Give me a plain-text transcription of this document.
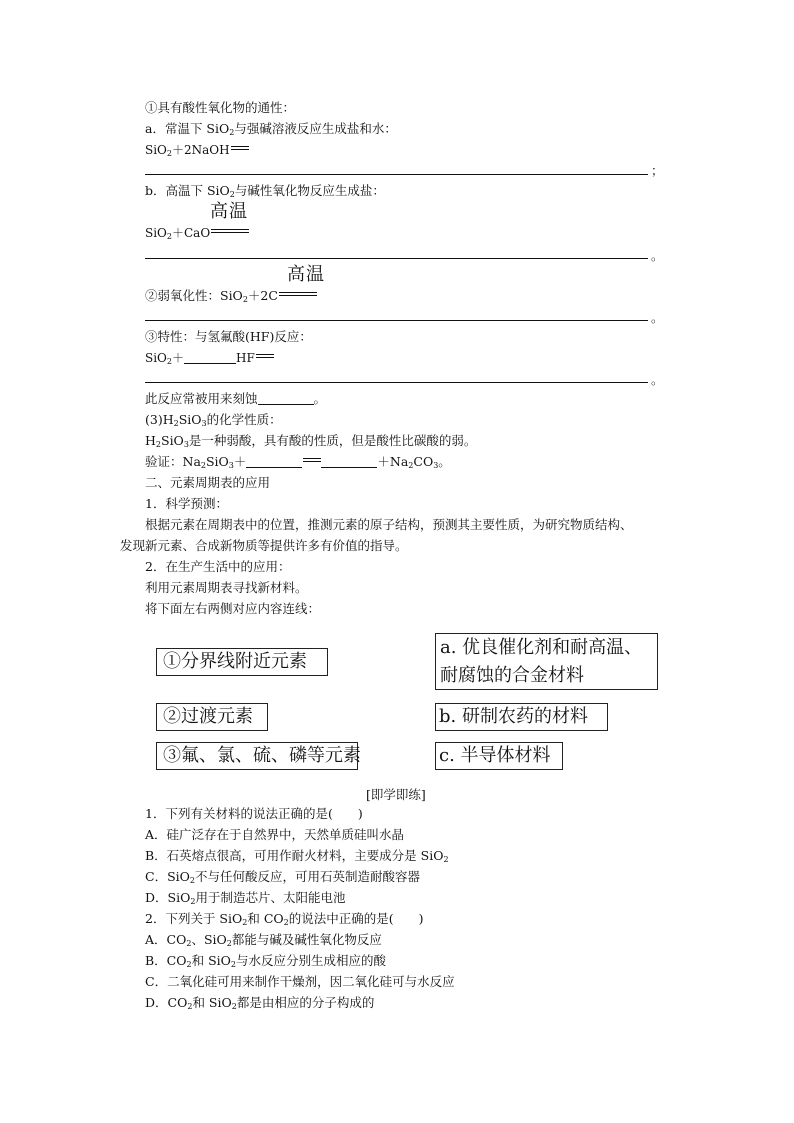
①具有酸性氧化物的通性：
a．常温下 SiO$_2$与强碱溶液反应生成盐和水：
SiO$_2$＋2NaOH
；
b．高温下 SiO$_2$与碱性氧化物反应生成盐：
高温
SiO$_2$＋CaO
。
高温
②弱氧化性：SiO$_2$＋2C
。
③特性：与氢氟酸(HF)反应：
SiO$_2$＋	HF
。
此反应常被用来刻蚀	。
$(3)H_2SiO_3$的化学性质：
$H_2SiO_3$是一种弱酸，具有酸的性质，但是酸性比碳酸的弱。
验证：$Na_2SiO_3+$	$+Na_2CO_3$。
二、元素周期表的应用
1．科学预测：
根据元素在周期表中的位置，推测元素的原子结构，预测其主要性质，为研究物质结构、
发现新元素、合成新物质等提供许多有价值的指导。
2．在生产生活中的应用：
利用元素周期表寻找新材料。
将下面左右两侧对应内容连线：
①分界线附近元素
②过渡元素
③氟、氯、硫、磷等元素
a. 优良催化剂和耐高温、
耐腐蚀的合金材料
b. 研制农药的材料
c. 半导体材料
[即学即练]
1．下列有关材料的说法正确的是(　　)
A．硅广泛存在于自然界中，天然单质硅叫水晶
B．石英熔点很高，可用作耐火材料，主要成分是 SiO$_2$
C．SiO$_2$不与任何酸反应，可用石英制造耐酸容器
D．SiO$_2$用于制造芯片、太阳能电池
2．下列关于 SiO$_2$和 $CO_2$的说法中正确的是(　　)
A．$CO_2$、SiO$_2$都能与碱及碱性氧化物反应
B．$CO_2$和 SiO$_2$与水反应分别生成相应的酸
C．二氧化硅可用来制作干燥剂，因二氧化硅可与水反应
D．$CO_2$和 SiO$_2$都是由相应的分子构成的
